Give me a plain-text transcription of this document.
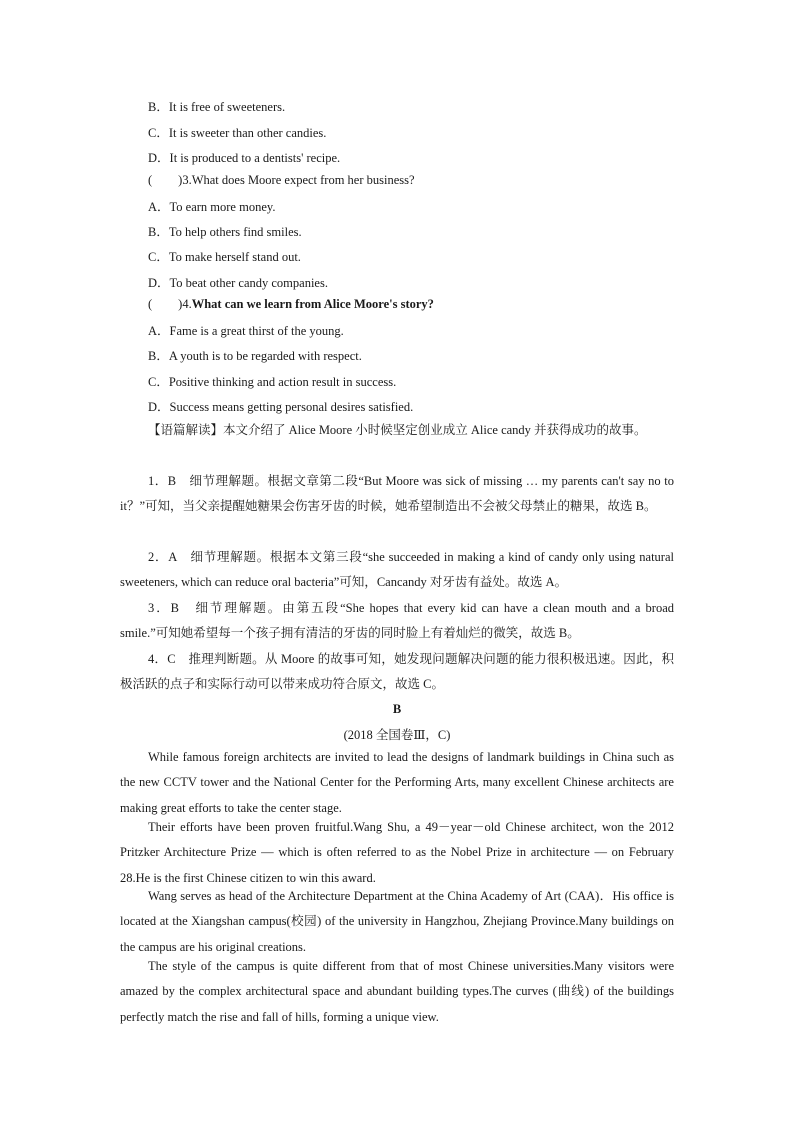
B．It is free of sweeteners.
C．It is sweeter than other candies.
D．It is produced to a dentists' recipe.
( )3.What does Moore expect from her business?
A．To earn more money.
B．To help others find smiles.
C．To make herself stand out.
D．To beat other candy companies.
( )4.What can we learn from Alice Moore's story?
A．Fame is a great thirst of the young.
B．A youth is to be regarded with respect.
C．Positive thinking and action result in success.
D．Success means getting personal desires satisfied.
【语篇解读】本文介绍了 Alice Moore 小时候坚定创业成立 Alice candy 并获得成功的故事。
1．B　细节理解题。根据文章第二段“But Moore was sick of missing … my parents can't say no to it？”可知，当父亲提醒她糖果会伤害牙齿的时候，她希望制造出不会被父母禁止的糖果，故选 B。
2．A　细节理解题。根据本文第三段“she succeeded in making a kind of candy only using natural sweeteners, which can reduce oral bacteria”可知，Cancandy 对牙齿有益处。故选 A。
3．B　细节理解题。由第五段“She hopes that every kid can have a clean mouth and a broad smile.”可知她希望每一个孩子拥有清洁的牙齿的同时脸上有着灿烂的微笑，故选 B。
4．C　推理判断题。从 Moore 的故事可知，她发现问题解决问题的能力很积极迅速。因此，积极活跃的点子和实际行动可以带来成功符合原文，故选 C。
B
(2018 全国卷Ⅲ，C)
While famous foreign architects are invited to lead the designs of landmark buildings in China such as the new CCTV tower and the National Center for the Performing Arts, many excellent Chinese architects are making great efforts to take the center stage.
Their efforts have been proven fruitful.Wang Shu, a 49－year－old Chinese architect, won the 2012 Pritzker Architecture Prize — which is often referred to as the Nobel Prize in architecture — on February 28.He is the first Chinese citizen to win this award.
Wang serves as head of the Architecture Department at the China Academy of Art (CAA)．His office is located at the Xiangshan campus(校园) of the university in Hangzhou, Zhejiang Province.Many buildings on the campus are his original creations.
The style of the campus is quite different from that of most Chinese universities.Many visitors were amazed by the complex architectural space and abundant building types.The curves (曲线) of the buildings perfectly match the rise and fall of hills, forming a unique view.
